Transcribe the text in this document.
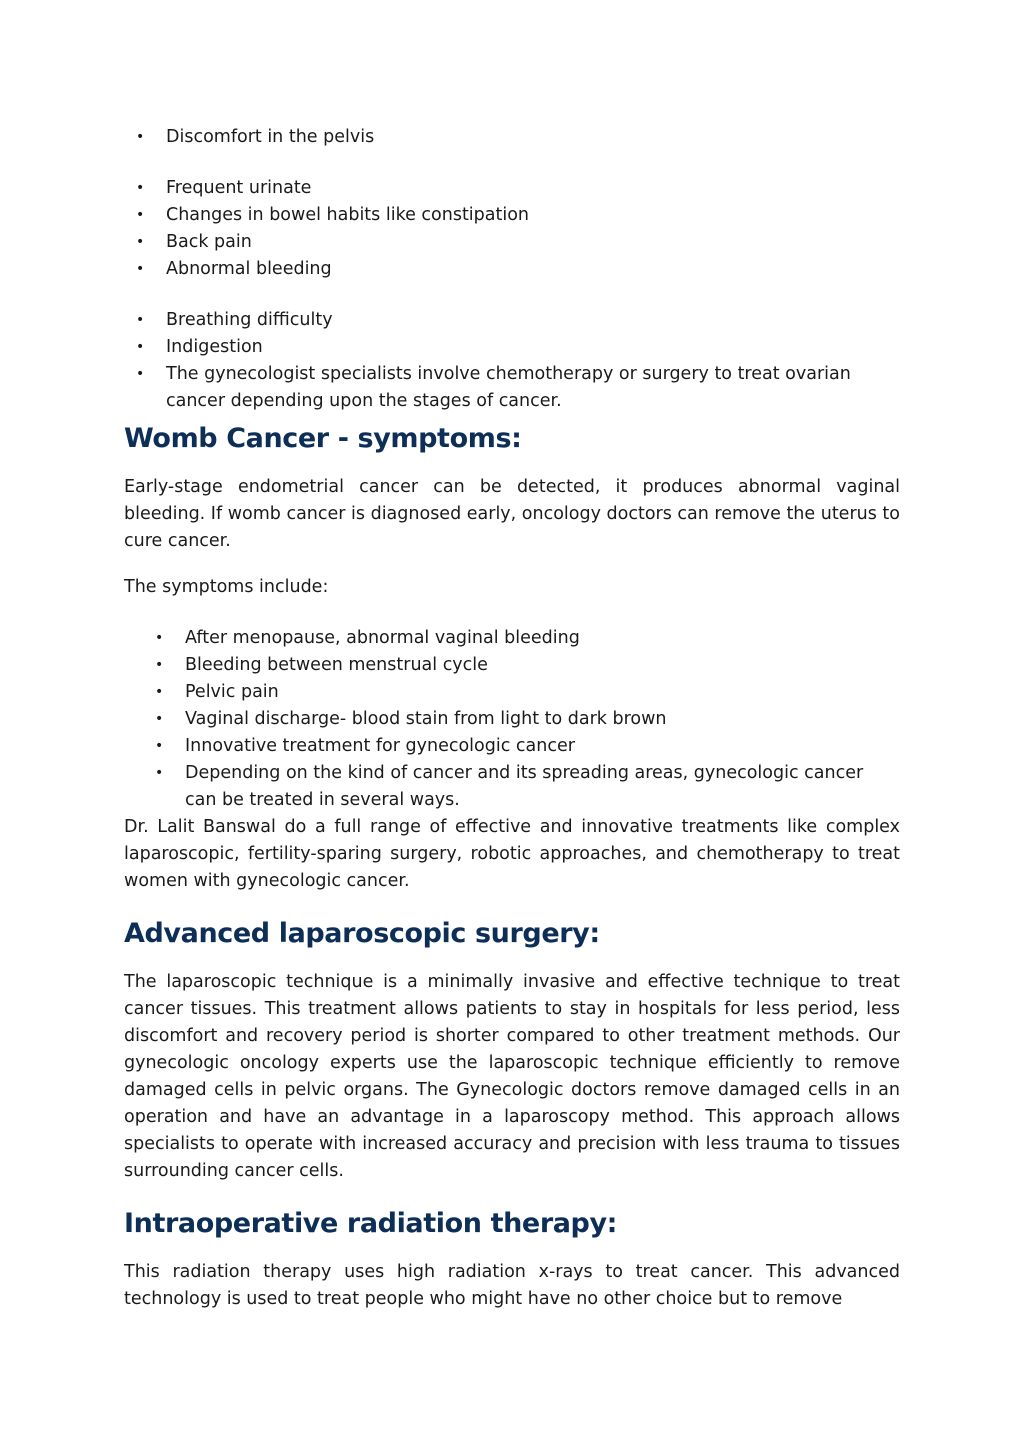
• Discomfort in the pelvis
• Frequent urinate
• Changes in bowel habits like constipation
• Back pain
• Abnormal bleeding
• Breathing difficulty
• Indigestion
• The gynecologist specialists involve chemotherapy or surgery to treat ovarian cancer depending upon the stages of cancer.
Womb Cancer - symptoms:

Early-stage endometrial cancer can be detected, it produces abnormal vaginal bleeding. If womb cancer is diagnosed early, oncology doctors can remove the uterus to cure cancer.

The symptoms include:

• After menopause, abnormal vaginal bleeding
• Bleeding between menstrual cycle
• Pelvic pain
• Vaginal discharge- blood stain from light to dark brown
• Innovative treatment for gynecologic cancer
• Depending on the kind of cancer and its spreading areas, gynecologic cancer can be treated in several ways.

Dr. Lalit Banswal do a full range of effective and innovative treatments like complex laparoscopic, fertility-sparing surgery, robotic approaches, and chemotherapy to treat women with gynecologic cancer.

Advanced laparoscopic surgery:

The laparoscopic technique is a minimally invasive and effective technique to treat cancer tissues. This treatment allows patients to stay in hospitals for less period, less discomfort and recovery period is shorter compared to other treatment methods. Our gynecologic oncology experts use the laparoscopic technique efficiently to remove damaged cells in pelvic organs. The Gynecologic doctors remove damaged cells in an operation and have an advantage in a laparoscopy method. This approach allows specialists to operate with increased accuracy and precision with less trauma to tissues surrounding cancer cells.

Intraoperative radiation therapy:

This radiation therapy uses high radiation x-rays to treat cancer. This advanced technology is used to treat people who might have no other choice but to remove
